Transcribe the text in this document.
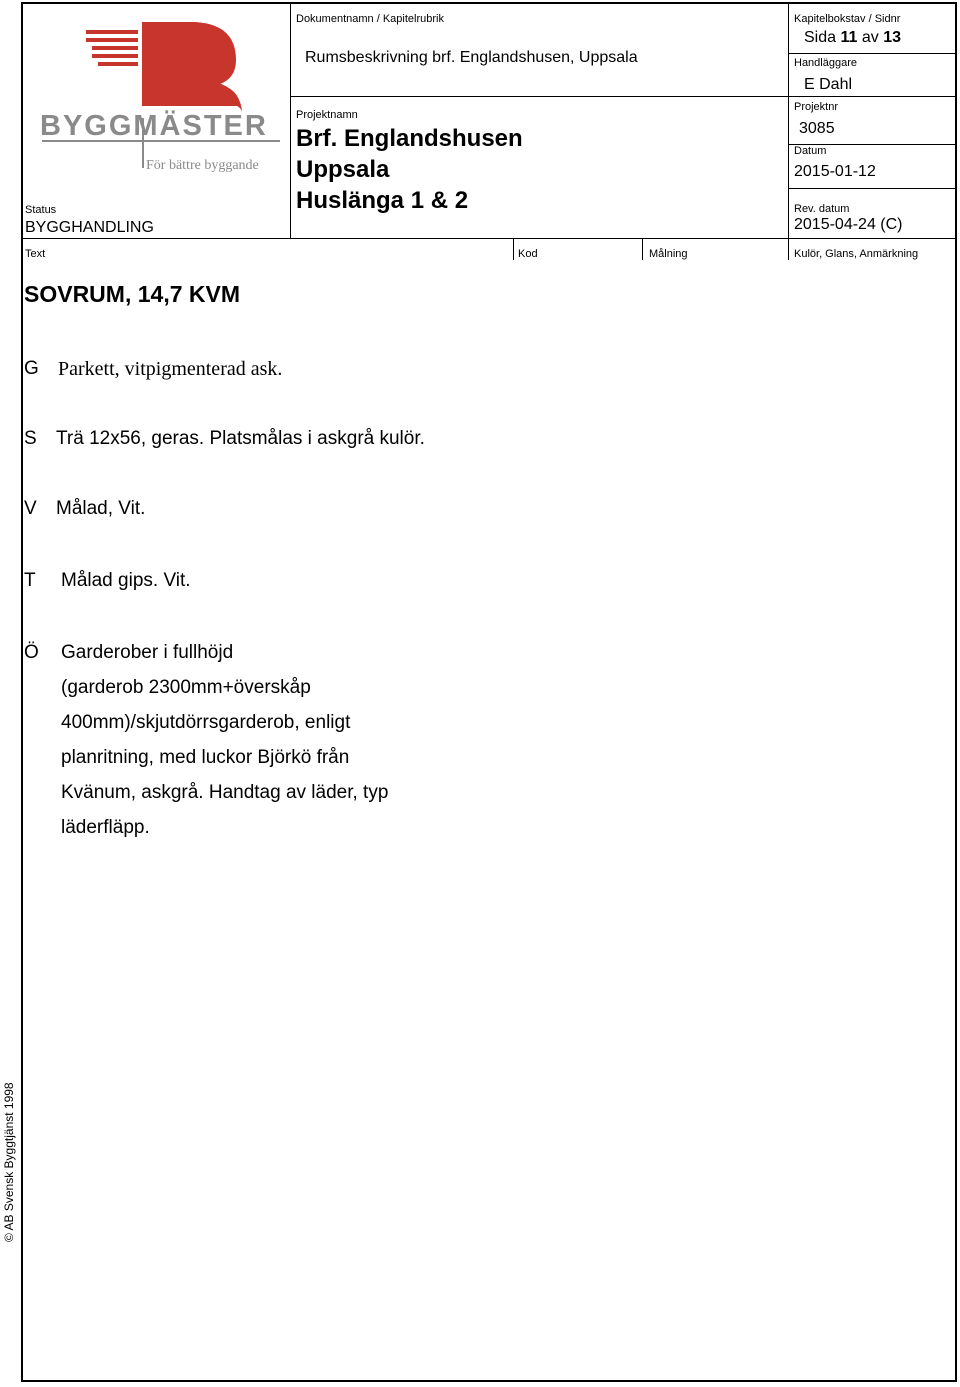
BYGGMÄSTER
För bättre byggande
Status
BYGGHANDLING
Dokumentnamn / Kapitelrubrik
Rumsbeskrivning brf. Englandshusen, Uppsala
Projektnamn
Brf. Englandshusen
Uppsala
Huslänga 1 & 2
Kapitelbokstav / Sidnr
Sida 11 av 13
Handläggare
E Dahl
Projektnr
3085
Datum
2015-01-12
Rev. datum
2015-04-24 (C)
Text	Kod	Målning	Kulör, Glans, Anmärkning
SOVRUM, 14,7 KVM
G Parkett, vitpigmenterad ask.
S Trä 12x56, geras. Platsmålas i askgrå kulör.
V Målad, Vit.
T Målad gips. Vit.
Ö Garderober i fullhöjd
(garderob 2300mm+överskåp
400mm)/skjutdörrsgarderob, enligt
planritning, med luckor Björkö från
Kvänum, askgrå. Handtag av läder, typ
läderfläpp.
© AB Svensk Byggtjänst 1998
